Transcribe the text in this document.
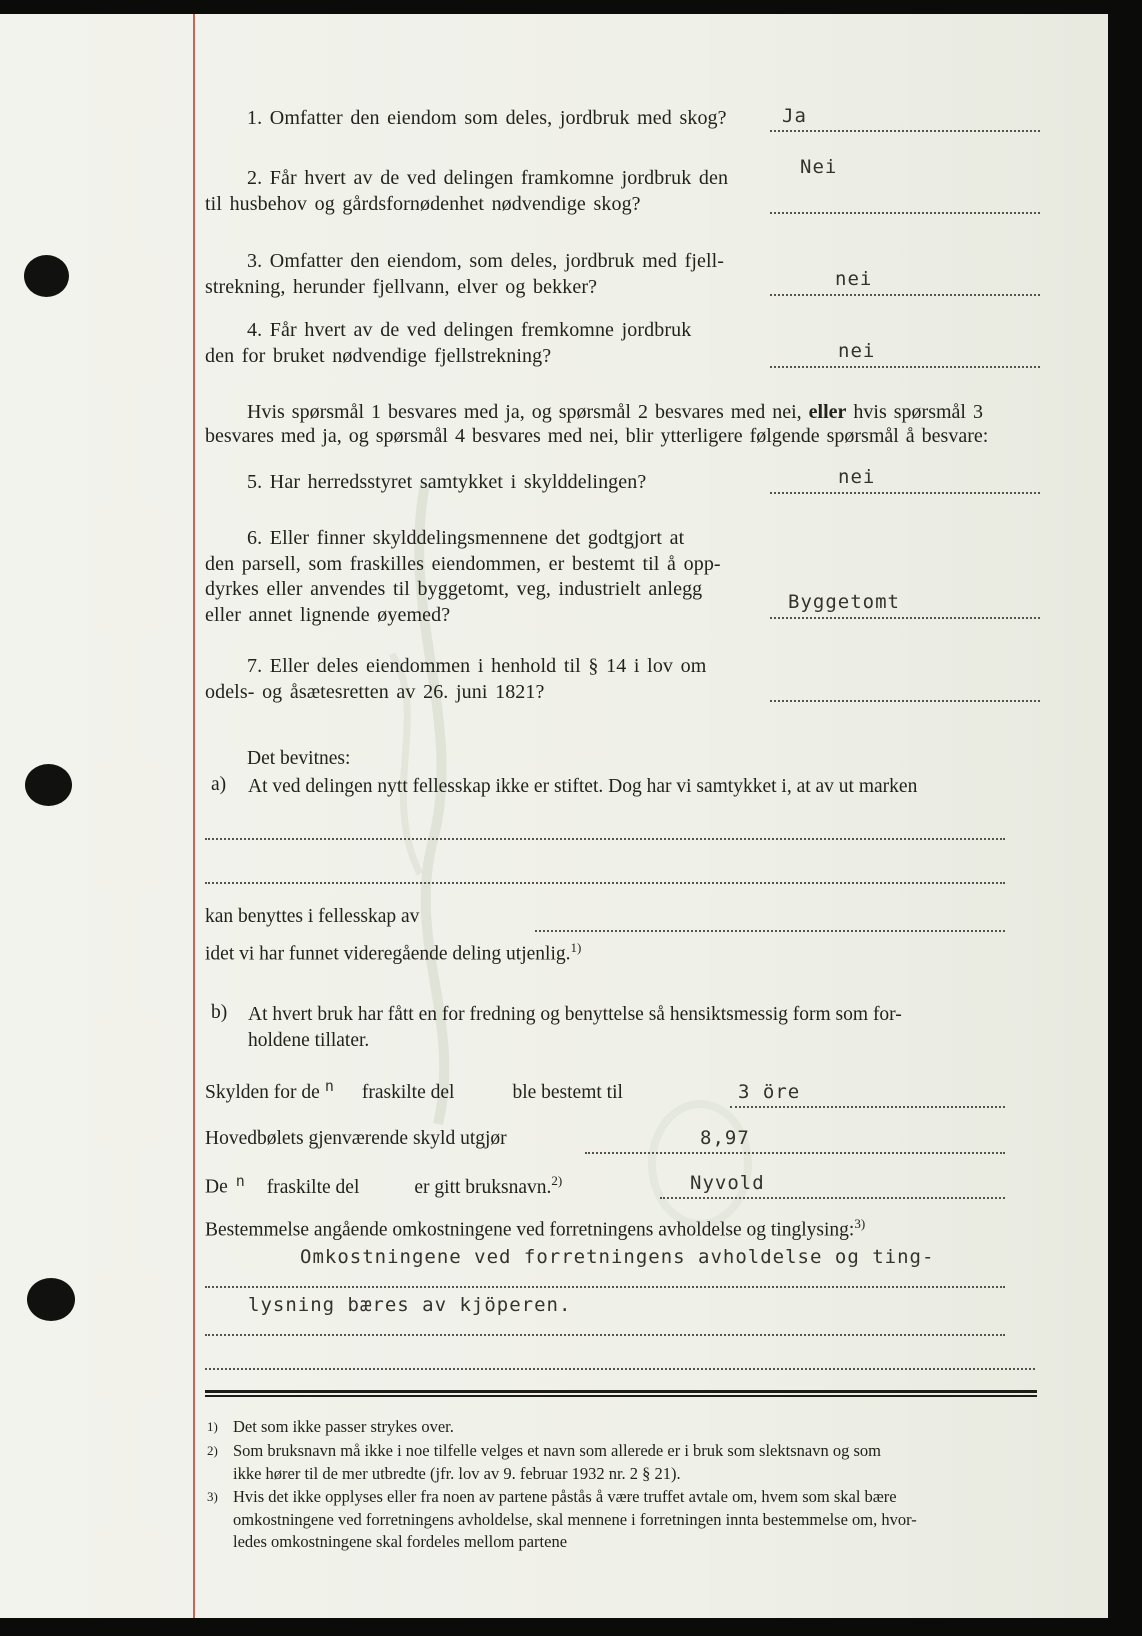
1. Omfatter den eiendom som deles, jordbruk med skog?	Ja
2. Får hvert av de ved delingen framkomne jordbruk den
til husbehov og gårdsfornødenhet nødvendige skog?
Nei
3. Omfatter den eiendom, som deles, jordbruk med fjell-
strekning, herunder fjellvann, elver og bekker?	nei
4. Får hvert av de ved delingen fremkomne jordbruk
den for bruket nødvendige fjellstrekning?	nei
Hvis spørsmål 1 besvares med ja, og spørsmål 2 besvares med nei, eller hvis spørsmål 3
besvares med ja, og spørsmål 4 besvares med nei, blir ytterligere følgende spørsmål å besvare:
5. Har herredsstyret samtykket i skylddelingen?	nei
6. Eller finner skylddelingsmennene det godtgjort at
den parsell, som fraskilles eiendommen, er bestemt til å opp-
dyrkes eller anvendes til byggetomt, veg, industrielt anlegg
eller annet lignende øyemed?
Byggetomt
7. Eller deles eiendommen i henhold til § 14 i lov om
odels- og åsætesretten av 26. juni 1821?
Det bevitnes:
a) At ved delingen nytt fellesskap ikke er stiftet. Dog har vi samtykket i, at av ut marken
kan benyttes i fellesskap av
idet vi har funnet videregående deling utjenlig.$^{1)}$
b) At hvert bruk har fått en for fredning og benyttelse så hensiktsmessig form som for-
holdene tillater.
Skylden for de $^n$ fraskilte del	ble bestemt til	3 öre
Hovedbølets gjenværende skyld utgjør	8,97
De $^n$ fraskilte del	er gitt bruksnavn.$^{2)}$	Nyvold
Bestemmelse angående omkostningene ved forretningens avholdelse og tinglysing:$^{3)}$
Omkostningene ved forretningens avholdelse og ting-
lysning bæres av kjöperen.
1) Det som ikke passer strykes over.
2) Som bruksnavn må ikke i noe tilfelle velges et navn som allerede er i bruk som slektsnavn og som
ikke hører til de mer utbredte (jfr. lov av 9. februar 1932 nr. 2 § 21).
3) Hvis det ikke opplyses eller fra noen av partene påstås å være truffet avtale om, hvem som skal bære
omkostningene ved forretningens avholdelse, skal mennene i forretningen innta bestemmelse om, hvor-
ledes omkostningene skal fordeles mellom partene
